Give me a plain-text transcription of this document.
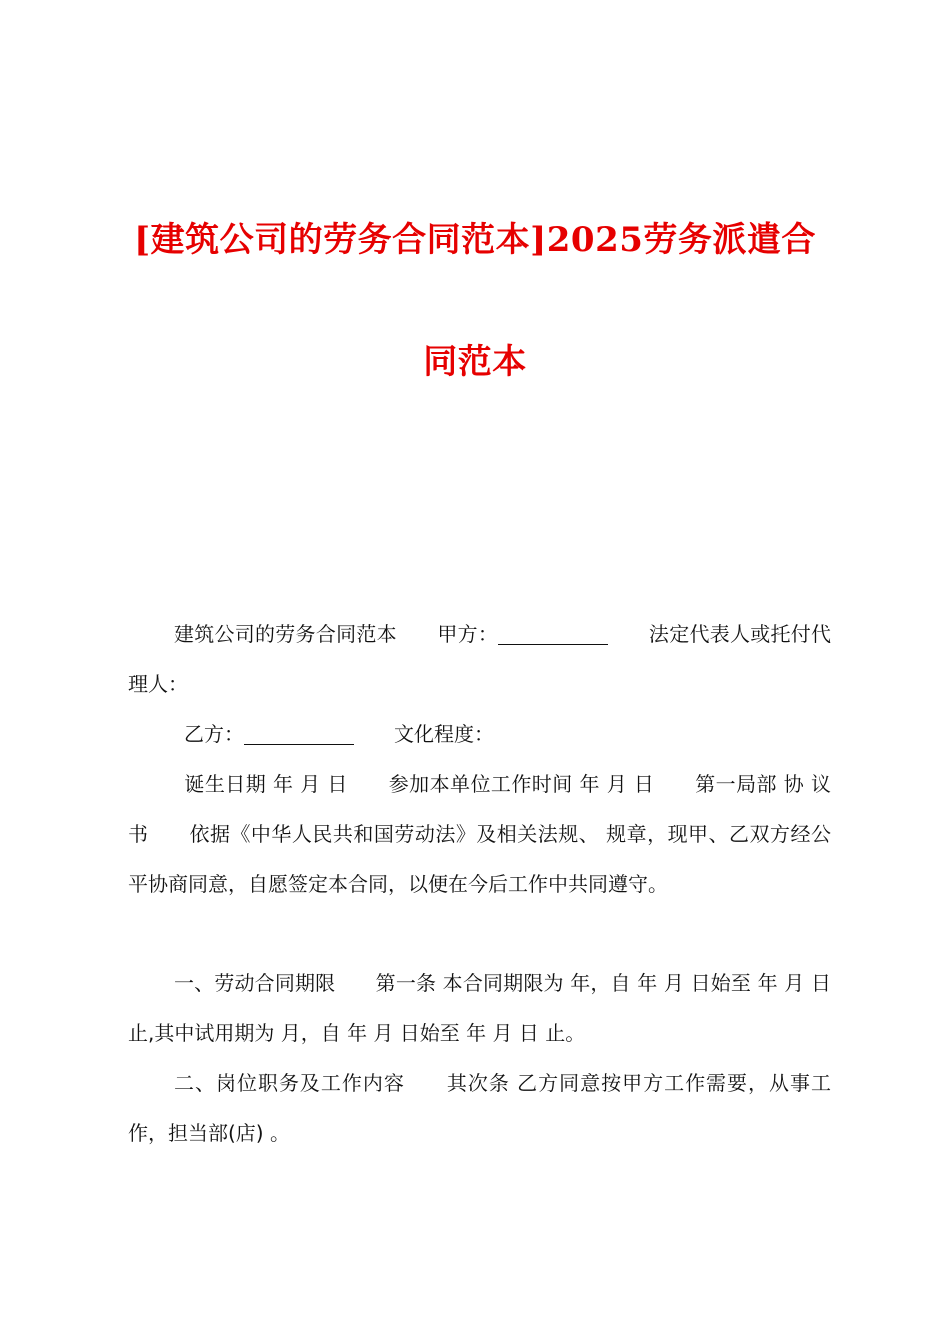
[建筑公司的劳务合同范本]2025劳务派遣合
同范本
建筑公司的劳务合同范本　　甲方：	　　法定代表人或托付代理人：
 乙方：	　　文化程度：
 诞生日期 年 月 日　　参加本单位工作时间 年 月 日　　第一局部 协 议 书　　依据《中华人民共和国劳动法》及相关法规、 规章，现甲、乙双方经公平协商同意，自愿签定本合同，以便在今后工作中共同遵守。
一、劳动合同期限　　第一条 本合同期限为 年，自 年 月 日始至 年 月 日止,其中试用期为 月，自 年 月 日始至 年 月 日 止。
二、岗位职务及工作内容　　其次条 乙方同意按甲方工作需要，从事工作，担当部(店) 。
